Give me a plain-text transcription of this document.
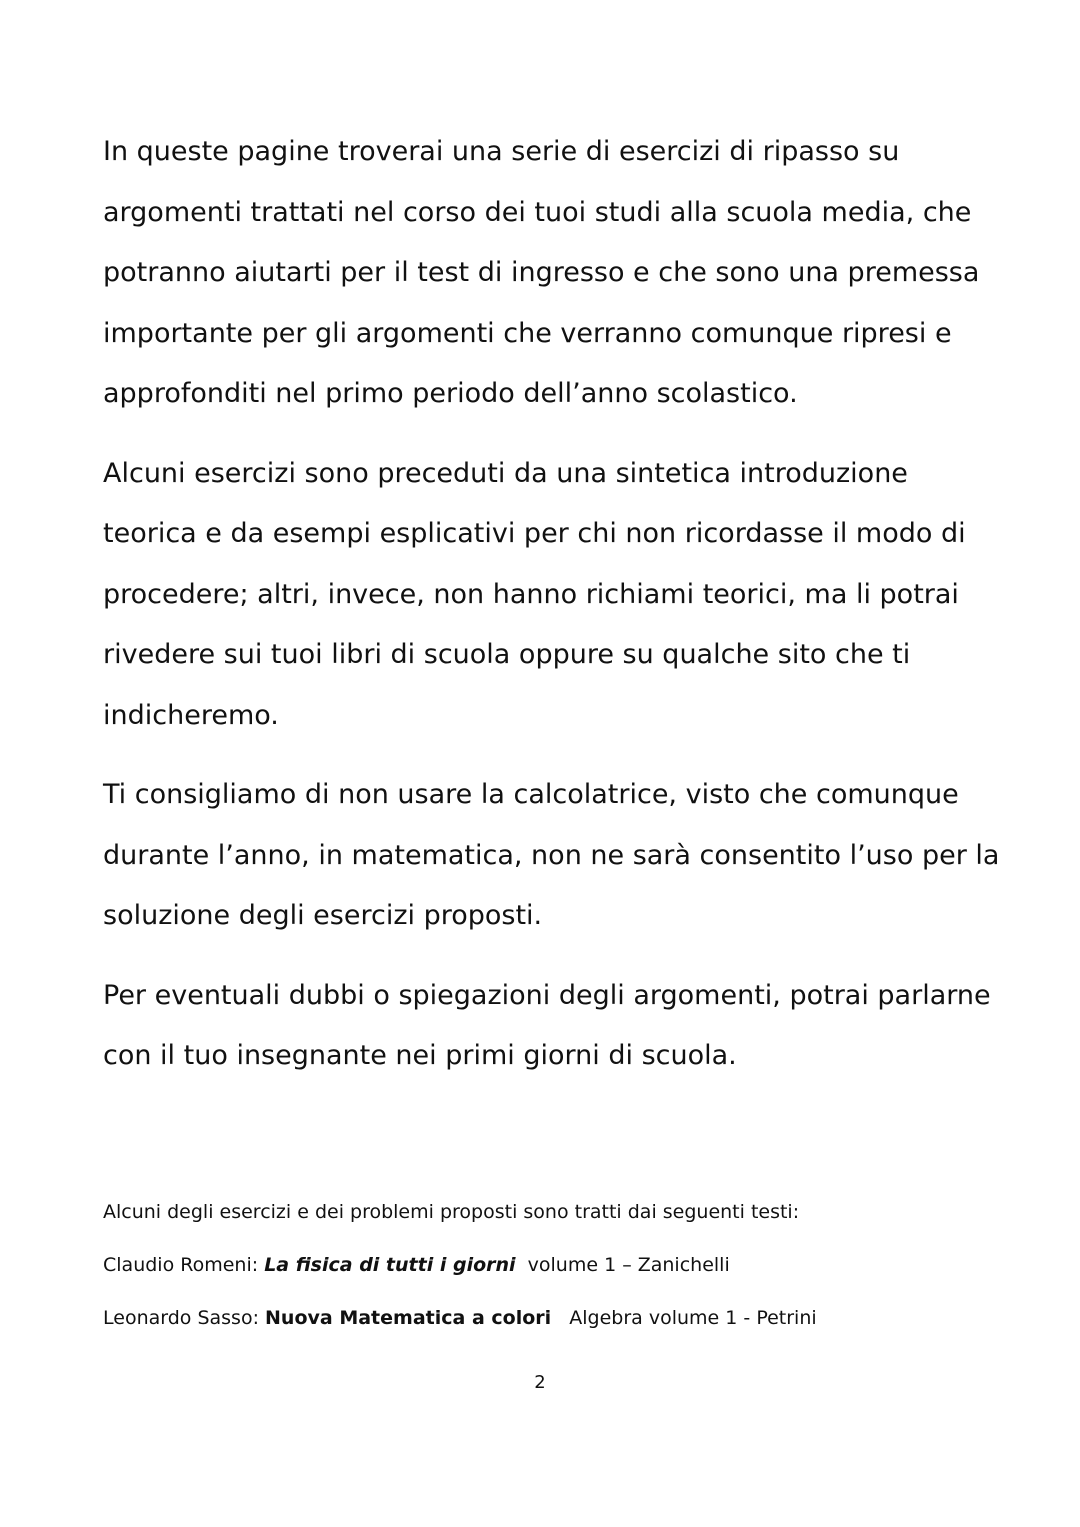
In queste pagine troverai una serie di esercizi di ripasso su
argomenti trattati nel corso dei tuoi studi alla scuola media, che
potranno aiutarti per il test di ingresso e che sono una premessa
importante per gli argomenti che verranno comunque ripresi e
approfonditi nel primo periodo dell’anno scolastico.
Alcuni esercizi sono preceduti da una sintetica introduzione
teorica e da esempi esplicativi per chi non ricordasse il modo di
procedere; altri, invece, non hanno richiami teorici, ma li potrai
rivedere sui tuoi libri di scuola oppure su qualche sito che ti
indicheremo.
Ti consigliamo di non usare la calcolatrice, visto che comunque
durante l’anno, in matematica, non ne sarà consentito l’uso per la
soluzione degli esercizi proposti.
Per eventuali dubbi o spiegazioni degli argomenti, potrai parlarne
con il tuo insegnante nei primi giorni di scuola.
Alcuni degli esercizi e dei problemi proposti sono tratti dai seguenti testi:
Claudio Romeni: La fisica di tutti i giorni volume 1 – Zanichelli
Leonardo Sasso: Nuova Matematica a colori Algebra volume 1 - Petrini
2
